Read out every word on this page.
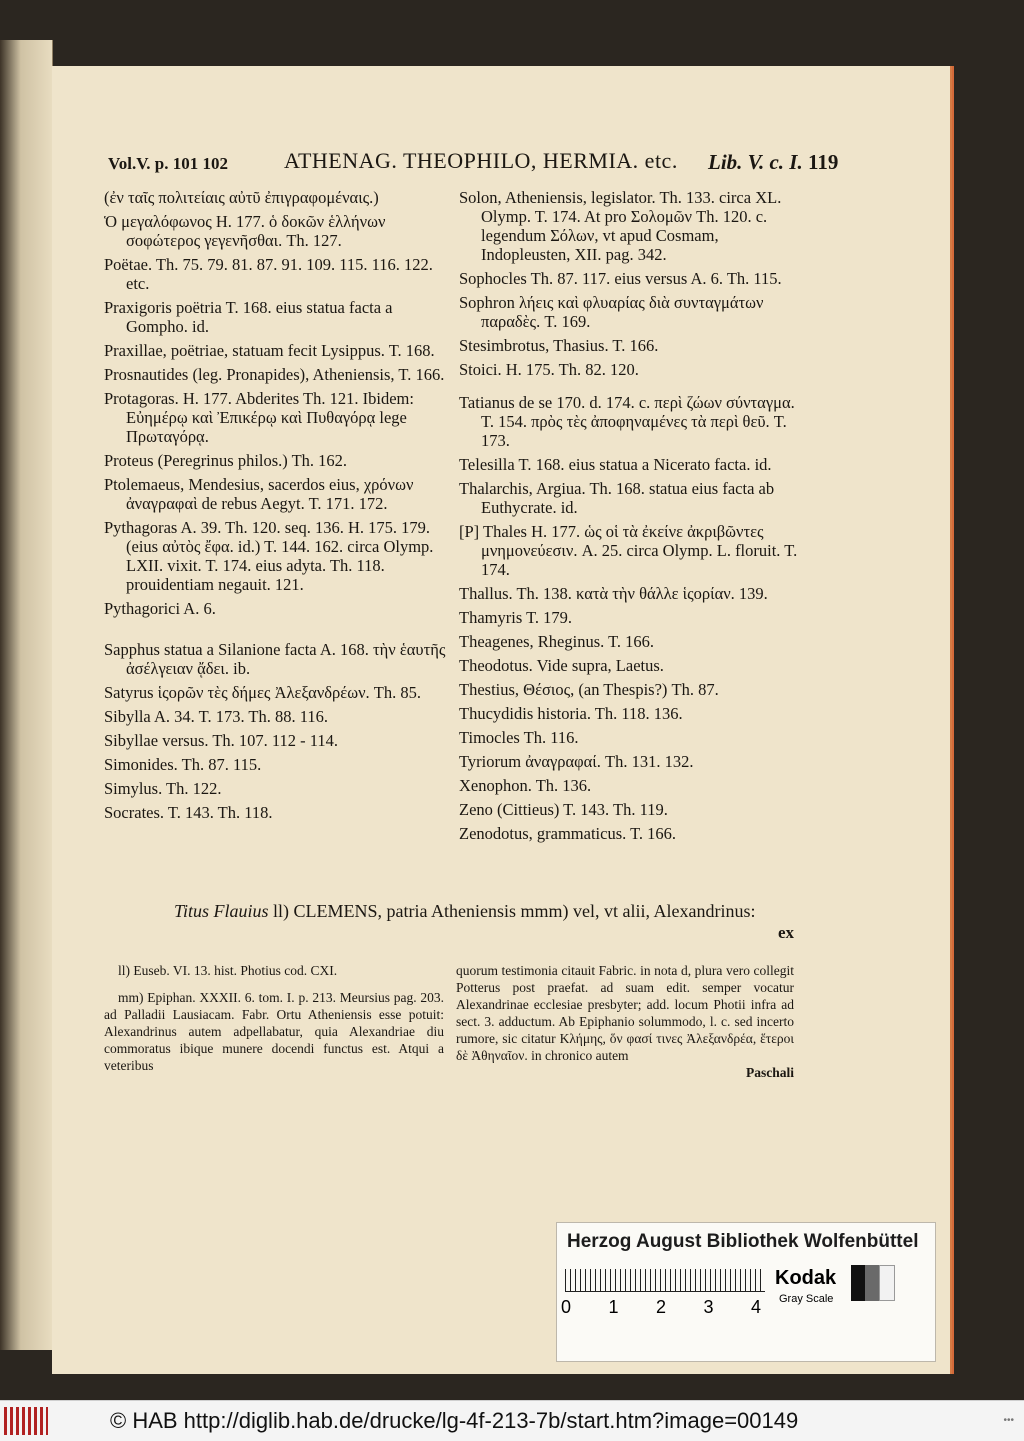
Vol.V. p. 101 102	ATHENAG. THEOPHILO, HERMIA. etc. Lib. V. c. I. 119

(ἐν ταῖς πολιτείαις αὐτῦ ἐπιγραφομέναις.)

Ὁ μεγαλόφωνος H. 177. ὁ δοκῶν ἑλλήνων σοφώτερος γεγενῆσθαι. Th. 127.

Poëtae. Th. 75. 79. 81. 87. 91. 109. 115. 116. 122. etc.

Praxigoris poëtria T. 168. eius statua facta a Gompho. id.

Praxillae, poëtriae, statuam fecit Lysippus. T. 168.

Prosnautides (leg. Pronapides), Atheniensis, T. 166.

Protagoras. H. 177. Abderites Th. 121. Ibidem: Εὐημέρῳ καὶ Ἐπικέρῳ καὶ Πυθαγόρᾳ lege Πρωταγόρᾳ.

Proteus (Peregrinus philos.) Th. 162.

Ptolemaeus, Mendesius, sacerdos eius, χρόνων ἀναγραφαὶ de rebus Aegyt. T. 171. 172.

Pythagoras A. 39. Th. 120. seq. 136. H. 175. 179. (eius αὐτὸς ἔφα. id.) T. 144. 162. circa Olymp. LXII. vixit. T. 174. eius adyta. Th. 118. prouidentiam negauit. 121.

Pythagorici A. 6.

Sapphus statua a Silanione facta A. 168. τὴν ἑαυτῆς ἀσέλγειαν ᾄδει. ib.

Satyrus ἱςορῶν τὲς δήμες Ἀλεξανδρέων. Th. 85.

Sibylla A. 34. T. 173. Th. 88. 116.

Sibyllae versus. Th. 107. 112 - 114.

Simonides. Th. 87. 115.

Simylus. Th. 122.

Socrates. T. 143. Th. 118.

Solon, Atheniensis, legislator. Th. 133. circa XL. Olymp. T. 174. At pro Σολομῶν Th. 120. c. legendum Σόλων, vt apud Cosmam, Indopleusten, XII. pag. 342.

Sophocles Th. 87. 117. eius versus A. 6. Th. 115.

Sophron λήεις καὶ φλυαρίας διὰ συνταγμάτων παραδὲς. T. 169.

Stesimbrotus, Thasius. T. 166.

Stoici. H. 175. Th. 82. 120.

Tatianus de se 170. d. 174. c. περὶ ζώων σύνταγμα. T. 154. πρὸς τὲς ἀποφηναμένες τὰ περὶ θεῦ. T. 173.

Telesilla T. 168. eius statua a Nicerato facta. id.

Thalarchis, Argiua. Th. 168. statua eius facta ab Euthycrate. id.

[P] Thales H. 177. ὡς οἱ τὰ ἐκείνε ἀκριβῶντες μνημονεύεσιν. A. 25. circa Olymp. L. floruit. T. 174.

Thallus. Th. 138. κατὰ τὴν θάλλε ἱςορίαν. 139.

Thamyris T. 179.

Theagenes, Rheginus. T. 166.

Theodotus. Vide supra, Laetus.

Thestius, Θέσιος, (an Thespis?) Th. 87.

Thucydidis historia. Th. 118. 136.

Timocles Th. 116.

Tyriorum ἀναγραφαί. Th. 131. 132.

Xenophon. Th. 136.

Zeno (Cittieus) T. 143. Th. 119.

Zenodotus, grammaticus. T. 166.

Titus Flauius ll) CLEMENS, patria Atheniensis mmm) vel, vt alii, Alexandrinus:
ex

ll) Euseb. VI. 13. hist. Photius cod. CXI.

mm) Epiphan. XXXII. 6. tom. I. p. 213. Meursius pag. 203. ad Palladii Lausiacam. Fabr. Ortu Atheniensis esse potuit: Alexandrinus autem adpellabatur, quia Alexandriae diu commoratus ibique munere docendi functus est. Atqui a veteribus

quorum testimonia citauit Fabric. in nota d, plura vero collegit Potterus post praefat. ad suam edit. semper vocatur Alexandrinae ecclesiae presbyter; add. locum Photii infra ad sect. 3. adductum. Ab Epiphanio solummodo, l. c. sed incerto rumore, sic citatur Κλήμης, ὅν φασί τινες Ἀλεξανδρέα, ἕτεροι δὲ Ἀθηναῖον. in chronico autem

Paschali

Herzog August Bibliothek Wolfenbüttel
0 1 2 3 4
Kodak
Gray Scale
© HAB http://diglib.hab.de/drucke/lg-4f-213-7b/start.htm?image=00149	•••
